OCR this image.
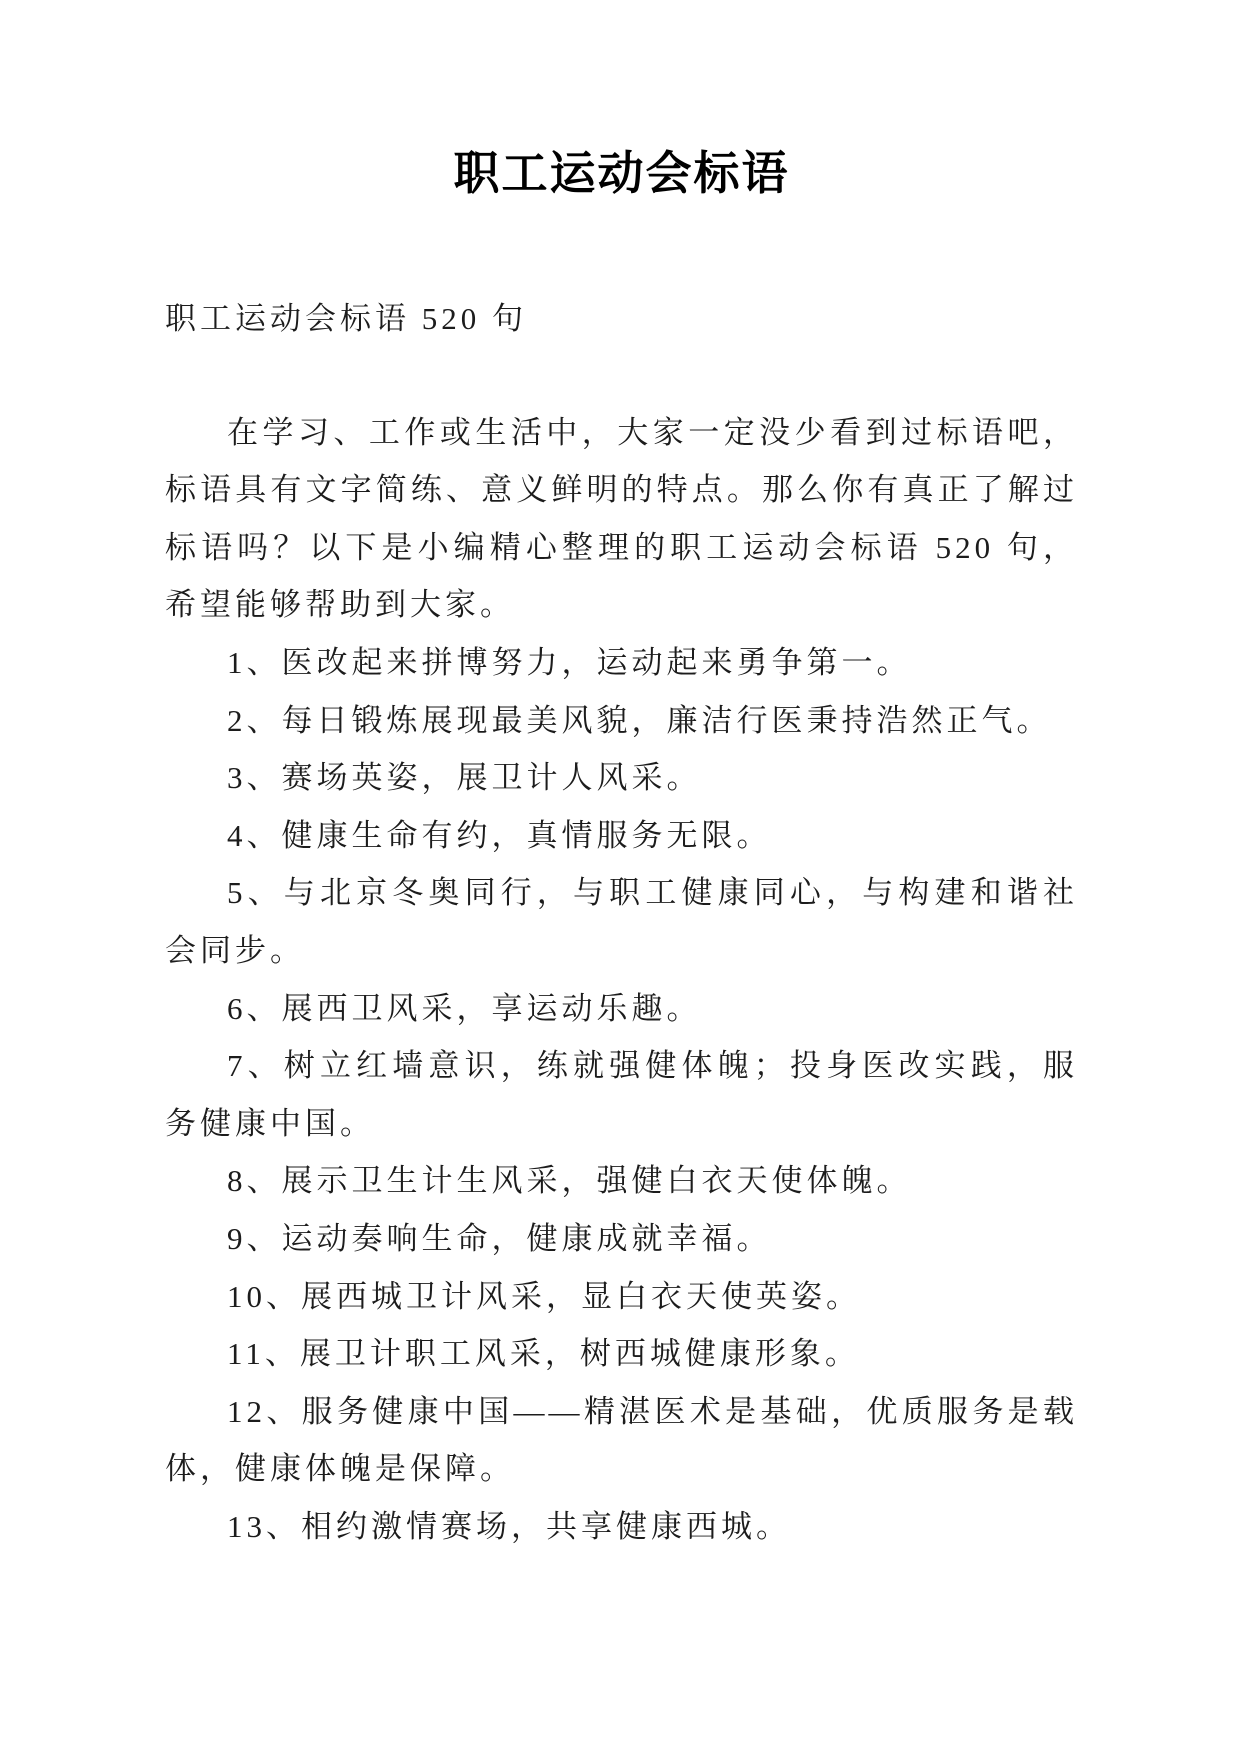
职工运动会标语
职工运动会标语 520 句

在学习、工作或生活中，大家一定没少看到过标语吧，标语具有文字简练、意义鲜明的特点。那么你有真正了解过标语吗？以下是小编精心整理的职工运动会标语 520 句，希望能够帮助到大家。

1、医改起来拼博努力，运动起来勇争第一。

2、每日锻炼展现最美风貌，廉洁行医秉持浩然正气。

3、赛场英姿，展卫计人风采。

4、健康生命有约，真情服务无限。

5、与北京冬奥同行，与职工健康同心，与构建和谐社会同步。

6、展西卫风采，享运动乐趣。

7、树立红墙意识，练就强健体魄；投身医改实践，服务健康中国。

8、展示卫生计生风采，强健白衣天使体魄。

9、运动奏响生命，健康成就幸福。

10、展西城卫计风采，显白衣天使英姿。

11、展卫计职工风采，树西城健康形象。

12、服务健康中国——精湛医术是基础，优质服务是载体，健康体魄是保障。

13、相约激情赛场，共享健康西城。
